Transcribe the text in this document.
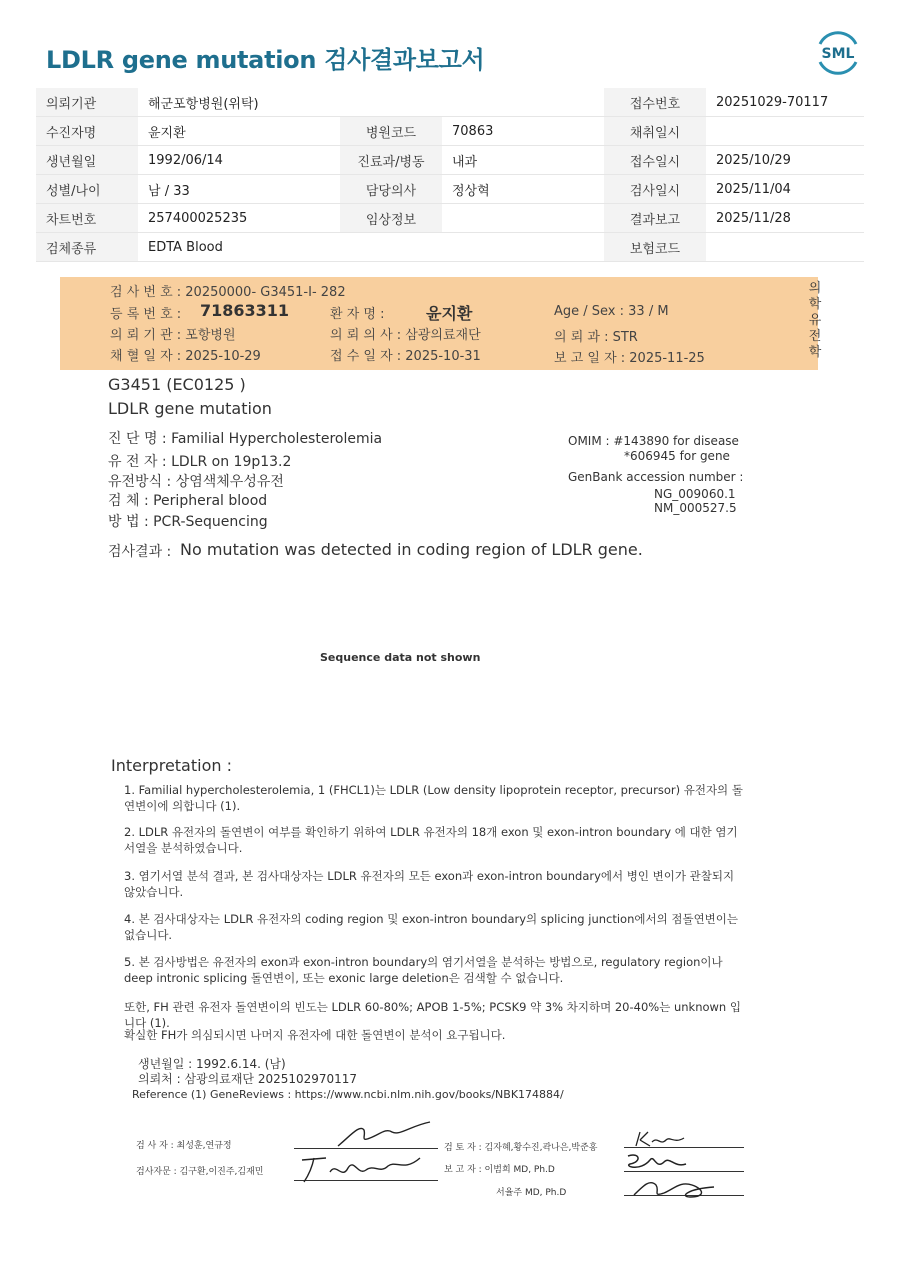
LDLR gene mutation 검사결과보고서	SML
의뢰기관	해군포항병원(위탁)			접수번호	20251029-70117
수진자명	윤지환	병원코드	70863	채취일시	
생년월일	1992/06/14	진료과/병동	내과	접수일시	2025/10/29
성별/나이	남 / 33	담당의사	정상혁	검사일시	2025/11/04
차트번호	257400025235	임상정보		결과보고	2025/11/28
검체종류	EDTA Blood			보험코드	
검 사 번 호 : 20250000- G3451-I- 282
등 록 번 호 : 71863311	환 자 명 :	윤지환	Age / Sex : 33 / M
의 뢰 기 관 : 포항병원	의 뢰 의 사 : 삼광의료재단	의 뢰 과 : STR
채 혈 일 자 : 2025-10-29	접 수 일 자 : 2025-10-31	보 고 일 자 : 2025-11-25
의학유전학
G3451 (EC0125 )
LDLR gene mutation
진 단 명 : Familial Hypercholesterolemia
유 전 자 : LDLR on 19p13.2
유전방식 : 상염색체우성유전
검 체 : Peripheral blood
방 법 : PCR-Sequencing
OMIM : #143890 for disease
*606945 for gene
GenBank accession number :
NG_009060.1
NM_000527.5
검사결과 : No mutation was detected in coding region of LDLR gene.
Sequence data not shown
Interpretation :

1. Familial hypercholesterolemia, 1 (FHCL1)는 LDLR (Low density lipoprotein receptor, precursor) 유전자의 돌연변이에 의합니다 (1).

2. LDLR 유전자의 돌연변이 여부를 확인하기 위하여 LDLR 유전자의 18개 exon 및 exon-intron boundary 에 대한 염기서열을 분석하였습니다.

3. 염기서열 분석 결과, 본 검사대상자는 LDLR 유전자의 모든 exon과 exon-intron boundary에서 병인 변이가 관찰되지 않았습니다.

4. 본 검사대상자는 LDLR 유전자의 coding region 및 exon-intron boundary의 splicing junction에서의 점돌연변이는 없습니다.

5. 본 검사방법은 유전자의 exon과 exon-intron boundary의 염기서열을 분석하는 방법으로, regulatory region이나 deep intronic splicing 돌연변이, 또는 exonic large deletion은 검색할 수 없습니다.

또한, FH 관련 유전자 돌연변이의 빈도는 LDLR 60-80%; APOB 1-5%; PCSK9 약 3% 차지하며 20-40%는 unknown 입니다 (1).

확실한 FH가 의심되시면 나머지 유전자에 대한 돌연변이 분석이 요구됩니다.

생년월일 : 1992.6.14. (남)
의뢰처 : 삼광의료재단 2025102970117
Reference (1) GeneReviews : https://www.ncbi.nlm.nih.gov/books/NBK174884/
검 사 자 : 최성훈,연규정
검사자문 : 김구환,이진주,김재민
검 토 자 : 김자혜,황수진,곽나은,박준홍
보 고 자 : 이범희 MD, Ph.D
서율주 MD, Ph.D
